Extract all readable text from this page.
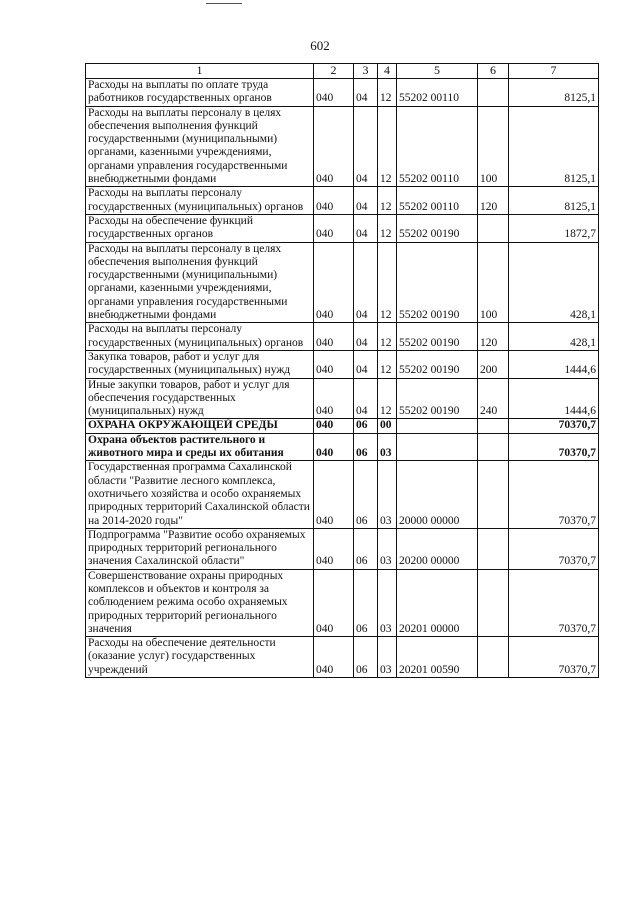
602
1	2	3	4	5	6	7
Расходы на выплаты по оплате труда работников государственных органов	040	04	12	55202 00110		8125,1
Расходы на выплаты персоналу в целях обеспечения выполнения функций государственными (муниципальными) органами, казенными учреждениями, органами управления государственными внебюджетными фондами	040	04	12	55202 00110	100	8125,1
Расходы на выплаты персоналу государственных (муниципальных) органов	040	04	12	55202 00110	120	8125,1
Расходы на обеспечение функций государственных органов	040	04	12	55202 00190		1872,7
Расходы на выплаты персоналу в целях обеспечения выполнения функций государственными (муниципальными) органами, казенными учреждениями, органами управления государственными внебюджетными фондами	040	04	12	55202 00190	100	428,1
Расходы на выплаты персоналу государственных (муниципальных) органов	040	04	12	55202 00190	120	428,1
Закупка товаров, работ и услуг для государственных (муниципальных) нужд	040	04	12	55202 00190	200	1444,6
Иные закупки товаров, работ и услуг для обеспечения государственных (муниципальных) нужд	040	04	12	55202 00190	240	1444,6
ОХРАНА ОКРУЖАЮЩЕЙ СРЕДЫ	040	06	00			70370,7
Охрана объектов растительного и животного мира и среды их обитания	040	06	03			70370,7
Государственная программа Сахалинской области "Развитие лесного комплекса, охотничьего хозяйства и особо охраняемых природных территорий Сахалинской области на 2014-2020 годы"	040	06	03	20000 00000		70370,7
Подпрограмма "Развитие особо охраняемых природных территорий регионального значения Сахалинской области"	040	06	03	20200 00000		70370,7
Совершенствование охраны природных комплексов и объектов и контроля за соблюдением режима особо охраняемых природных территорий регионального значения	040	06	03	20201 00000		70370,7
Расходы на обеспечение деятельности (оказание услуг) государственных учреждений	040	06	03	20201 00590		70370,7
